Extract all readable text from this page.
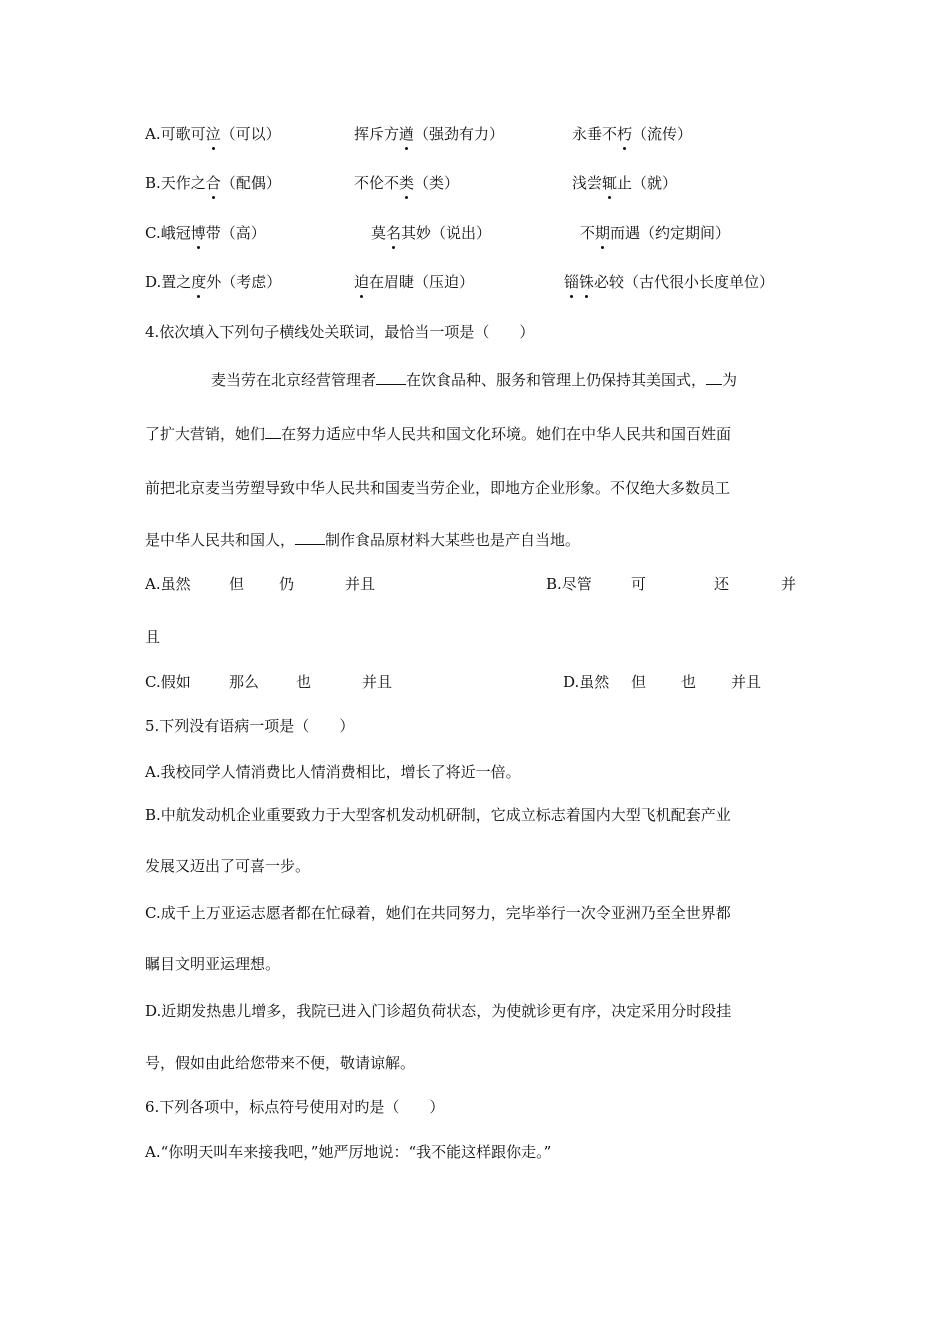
A.可歌可泣（可以）	挥斥方遒（强劲有力）	永垂不朽（流传）
B.天作之合（配偶）	不伦不类（类）	浅尝辄止（就）
C.峨冠博带（高）	莫名其妙（说出）	不期而遇（约定期间）
D.置之度外（考虑）	迫在眉睫（压迫）	锱铢必较（古代很小长度单位）
4.依次填入下列句子横线处关联词，最恰当一项是（　　）
麦当劳在北京经营管理者 在饮食品种、服务和管理上仍保持其美国式， 为
了扩大营销，她们 在努力适应中华人民共和国文化环境。她们在中华人民共和国百姓面
前把北京麦当劳塑导致中华人民共和国麦当劳企业，即地方企业形象。不仅绝大多数员工
是中华人民共和国人， 制作食品原材料大某些也是产自当地。
A.虽然	但 仍	并且	B.尽管	可	还	并
且
C.假如	那么 也	并且	D.虽然 但 也 并且
5.下列没有语病一项是（　　）
A.我校同学人情消费比人情消费相比，增长了将近一倍。
B.中航发动机企业重要致力于大型客机发动机研制，它成立标志着国内大型飞机配套产业
发展又迈出了可喜一步。
C.成千上万亚运志愿者都在忙碌着，她们在共同努力，完毕举行一次令亚洲乃至全世界都
瞩目文明亚运理想。
D.近期发热患儿增多，我院已进入门诊超负荷状态，为使就诊更有序，决定采用分时段挂
号，假如由此给您带来不便，敬请谅解。
6.下列各项中，标点符号使用对旳是（　　）
A.“你明天叫车来接我吧，”她严厉地说：“我不能这样跟你走。”
